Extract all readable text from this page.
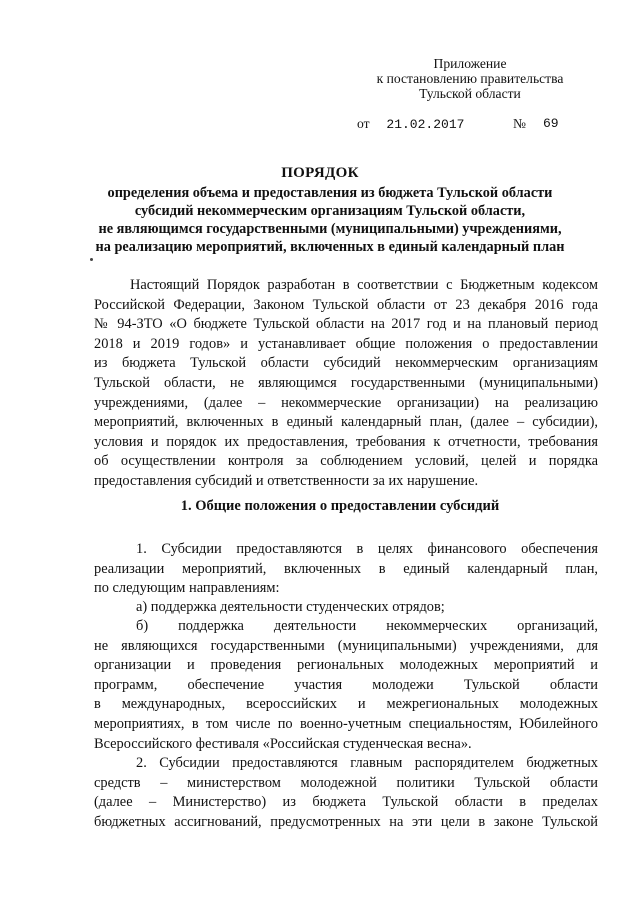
Приложение
к постановлению правительства
Тульской области
от 21.02.2017	№ 69
ПОРЯДОК
определения объема и предоставления из бюджета Тульской области
субсидий некоммерческим организациям Тульской области,
не являющимся государственными (муниципальными) учреждениями,
на реализацию мероприятий, включенных в единый календарный план
Настоящий Порядок разработан в соответствии с Бюджетным кодексом
Российской Федерации, Законом Тульской области от 23 декабря 2016 года
№ 94-ЗТО «О бюджете Тульской области на 2017 год и на плановый период
2018 и 2019 годов» и устанавливает общие положения о предоставлении
из бюджета Тульской области субсидий некоммерческим организациям
Тульской области, не являющимся государственными (муниципальными)
учреждениями, (далее – некоммерческие организации) на реализацию
мероприятий, включенных в единый календарный план, (далее – субсидии),
условия и порядок их предоставления, требования к отчетности, требования
об осуществлении контроля за соблюдением условий, целей и порядка
предоставления субсидий и ответственности за их нарушение.
1. Общие положения о предоставлении субсидий
1. Субсидии предоставляются в целях финансового обеспечения
реализации мероприятий, включенных в единый календарный план,
по следующим направлениям:
а) поддержка деятельности студенческих отрядов;
б) поддержка деятельности некоммерческих организаций,
не являющихся государственными (муниципальными) учреждениями, для
организации и проведения региональных молодежных мероприятий и
программ, обеспечение участия молодежи Тульской области
в международных, всероссийских и межрегиональных молодежных
мероприятиях, в том числе по военно-учетным специальностям, Юбилейного
Всероссийского фестиваля «Российская студенческая весна».
2. Субсидии предоставляются главным распорядителем бюджетных
средств – министерством молодежной политики Тульской области
(далее – Министерство) из бюджета Тульской области в пределах
бюджетных ассигнований, предусмотренных на эти цели в законе Тульской
